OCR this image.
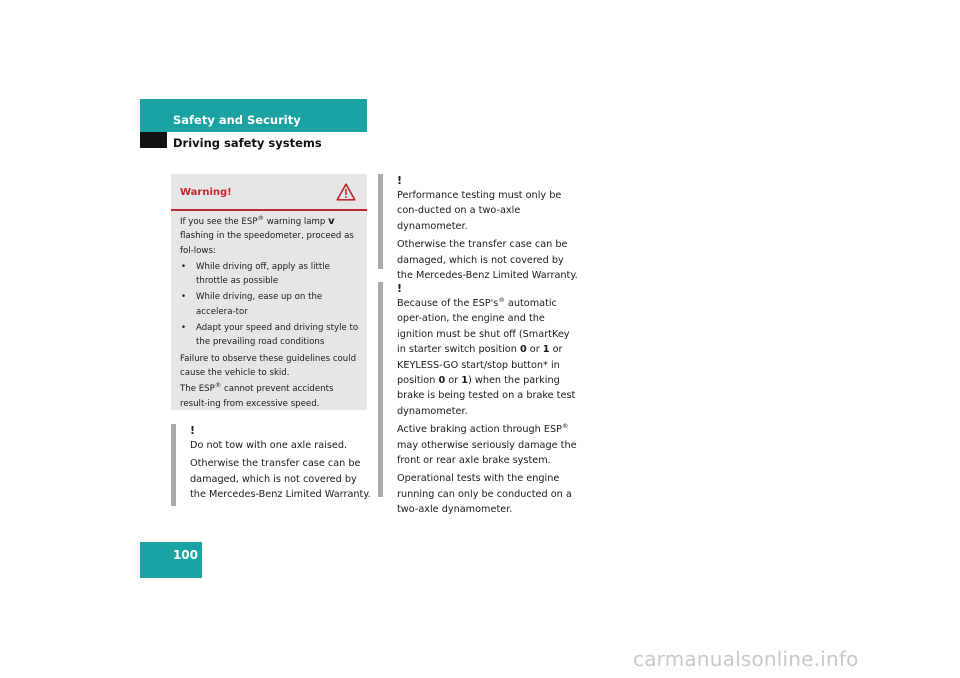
Safety and Security
Driving safety systems
Warning!

If you see the ESP® warning lamp v flashing in the speedometer, proceed as fol-lows:

• While driving off, apply as little throttle as possible
• While driving, ease up on the accelera-tor
• Adapt your speed and driving style to the prevailing road conditions

Failure to observe these guidelines could cause the vehicle to skid.

The ESP® cannot prevent accidents result-ing from excessive speed.

!

Do not tow with one axle raised.

Otherwise the transfer case can be damaged, which is not covered by the Mercedes-Benz Limited Warranty.

!

Performance testing must only be con-ducted on a two-axle dynamometer.

Otherwise the transfer case can be damaged, which is not covered by the Mercedes-Benz Limited Warranty.

!

Because of the ESP's® automatic oper-ation, the engine and the ignition must be shut off (SmartKey in starter switch position 0 or 1 or KEYLESS-GO start/stop button* in position 0 or 1) when the parking brake is being tested on a brake test dynamometer.

Active braking action through ESP® may otherwise seriously damage the front or rear axle brake system.

Operational tests with the engine running can only be conducted on a two-axle dynamometer.

100
carmanualsonline.info
